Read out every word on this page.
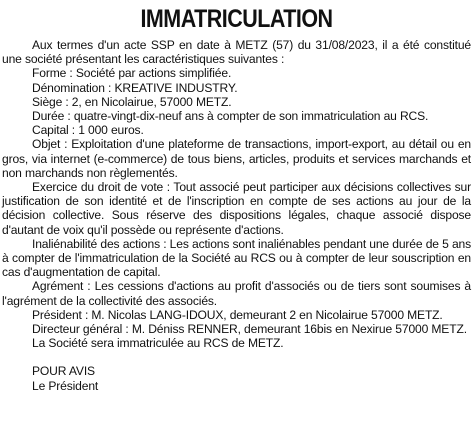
IMMATRICULATION

Aux termes d'un acte SSP en date à METZ (57) du 31/08/2023, il a été constitué une société présentant les caractéristiques suivantes :

Forme : Société par actions simplifiée.

Dénomination : KREATIVE INDUSTRY.

Siège : 2, en Nicolairue, 57000 METZ.

Durée : quatre-vingt-dix-neuf ans à compter de son immatriculation au RCS.

Capital : 1 000 euros.

Objet : Exploitation d'une plateforme de transactions, import-export, au détail ou en gros, via internet (e-commerce) de tous biens, articles, produits et services marchands et non marchands non règlementés.

Exercice du droit de vote : Tout associé peut participer aux décisions collectives sur justification de son identité et de l'inscription en compte de ses actions au jour de la décision collective. Sous réserve des dispositions légales, chaque associé dispose d'autant de voix qu'il possède ou représente d'actions.

Inaliénabilité des actions : Les actions sont inaliénables pendant une durée de 5 ans à compter de l'immatriculation de la Société au RCS ou à compter de leur souscription en cas d'augmentation de capital.

Agrément : Les cessions d'actions au profit d'associés ou de tiers sont soumises à l'agrément de la collectivité des associés.

Président : M. Nicolas LANG-IDOUX, demeurant 2 en Nicolairue 57000 METZ.

Directeur général : M. Déniss RENNER, demeurant 16bis en Nexirue 57000 METZ.

La Société sera immatriculée au RCS de METZ.

POUR AVIS

Le Président
